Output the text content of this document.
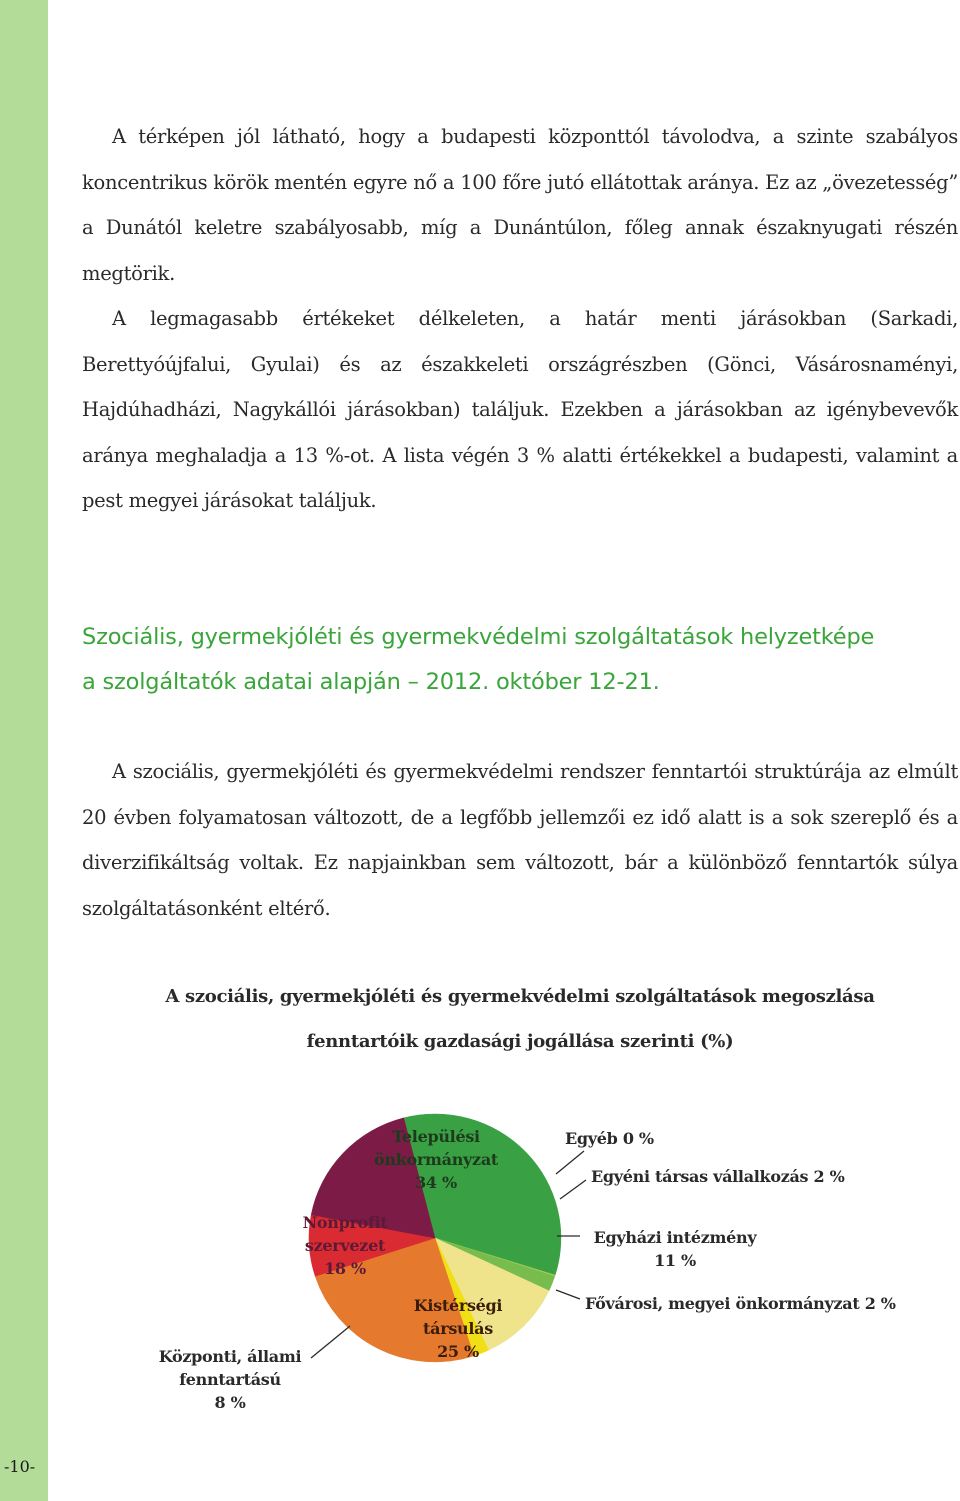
-10-

A térképen jól látható, hogy a budapesti központtól távolodva, a szinte szabályos koncentrikus körök mentén egyre nő a 100 főre jutó ellátottak aránya. Ez az „övezetesség” a Dunától keletre szabályosabb, míg a Dunántúlon, főleg annak északnyugati részén megtörik.

A legmagasabb értékeket délkeleten, a határ menti járásokban (Sarkadi, Berettyóújfalui, Gyulai) és az északkeleti országrészben (Gönci, Vásárosnaményi, Hajdúhadházi, Nagykállói járásokban) találjuk. Ezekben a járásokban az igénybevevők aránya meghaladja a 13 %-ot. A lista végén 3 % alatti értékekkel a budapesti, valamint a pest megyei járásokat találjuk.

Szociális, gyermekjóléti és gyermekvédelmi szolgáltatások helyzetképe
a szolgáltatók adatai alapján – 2012. október 12-21.

A szociális, gyermekjóléti és gyermekvédelmi rendszer fenntartói struktúrája az elmúlt 20 évben folyamatosan változott, de a legfőbb jellemzői ez idő alatt is a sok szereplő és a diverzifikáltság voltak. Ez napjainkban sem változott, bár a különböző fenntartók súlya szolgáltatásonként eltérő.

A szociális, gyermekjóléti és gyermekvédelmi szolgáltatások megoszlása
fenntartóik gazdasági jogállása szerinti (%)
Települési
önkormányzat
34 %
Nonprofit
szervezet
18 %
Kistérségi
társulás
25 %
Központi, állami
fenntartású
8 %
Egyéb 0 %
Egyéni társas vállalkozás 2 %
Egyházi intézmény
11 %
Fővárosi, megyei önkormányzat 2 %
